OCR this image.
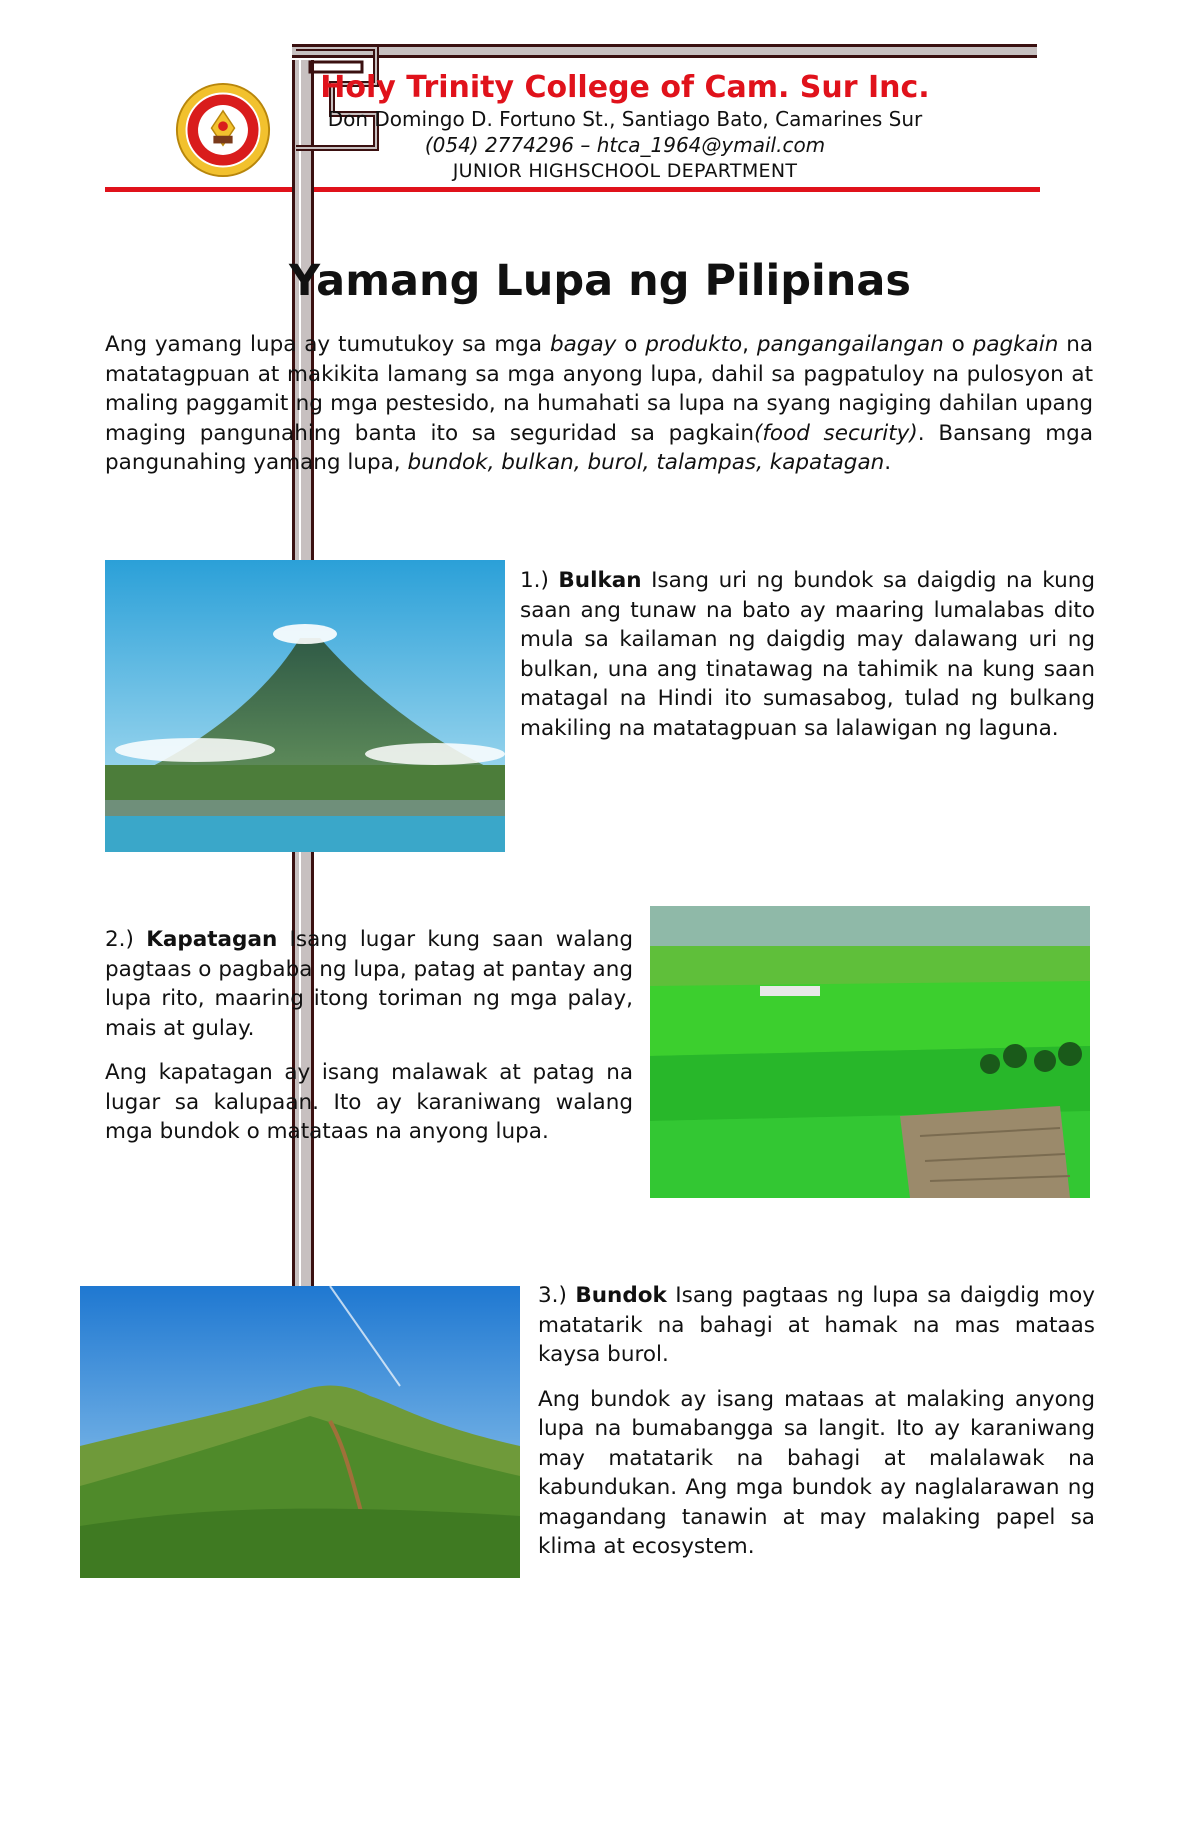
Holy Trinity College of Cam. Sur Inc.
Don Domingo D. Fortuno St., Santiago Bato, Camarines Sur
(054) 2774296 – htca_1964@ymail.com
JUNIOR HIGHSCHOOL DEPARTMENT
Yamang Lupa ng Pilipinas
Ang yamang lupa ay tumutukoy sa mga bagay o produkto, pangangailangan o pagkain na matatagpuan at makikita lamang sa mga anyong lupa, dahil sa pagpatuloy na pulosyon at maling paggamit ng mga pestesido, na humahati sa lupa na syang nagiging dahilan upang maging pangunahing banta ito sa seguridad sa pagkain(food security). Bansang mga pangunahing yamang lupa, bundok, bulkan, burol, talampas, kapatagan.

1.) Bulkan Isang uri ng bundok sa daigdig na kung saan ang tunaw na bato ay maaring lumalabas dito mula sa kailaman ng daigdig may dalawang uri ng bulkan, una ang tinatawag na tahimik na kung saan matagal na Hindi ito sumasabog, tulad ng bulkang makiling na matatagpuan sa lalawigan ng laguna.

2.) Kapatagan Isang lugar kung saan walang pagtaas o pagbaba ng lupa, patag at pantay ang lupa rito, maaring itong toriman ng mga palay, mais at gulay.

Ang kapatagan ay isang malawak at patag na lugar sa kalupaan. Ito ay karaniwang walang mga bundok o matataas na anyong lupa.

3.) Bundok Isang pagtaas ng lupa sa daigdig moy matatarik na bahagi at hamak na mas mataas kaysa burol.

Ang bundok ay isang mataas at malaking anyong lupa na bumabangga sa langit. Ito ay karaniwang may matatarik na bahagi at malalawak na kabundukan. Ang mga bundok ay naglalarawan ng magandang tanawin at may malaking papel sa klima at ecosystem.
